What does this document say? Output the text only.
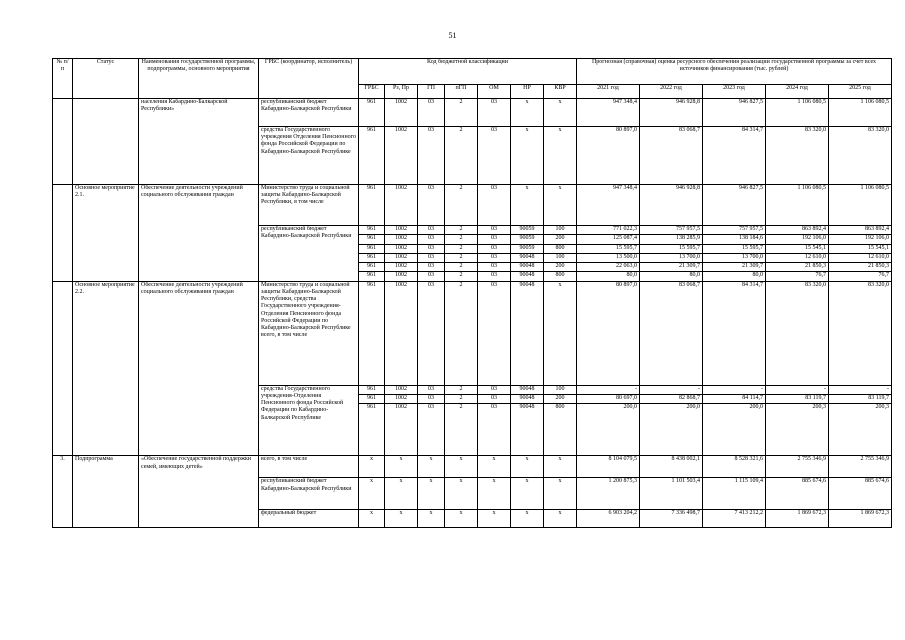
51
№ п/п	Статус	Наименования государственной программы, подпрограммы, основного мероприятия	ГРБС (координатор, исполнитель)	Код бюджетной классификации							Прогнозная (справочная) оценка ресурсного обеспечения реализации государственной программы за счет всех источников финансирования (тыс. рублей)				
				ГРБС	Рз, Пр	ГП	пГП	ОМ	НР	КВР	2021 год	2022 год	2023 год	2024 год	2025 год
		населения Кабардино-Балкарской Республики»	республиканский бюджет Кабардино-Балкарской Республики	961	1002	03	2	03	х	х	947 348,4	946 928,8	946 827,5	1 106 080,5	1 106 080,5
			средства Государственного учреждения Отделения Пенсионного фонда Российской Федерации по Кабардино-Балкарской Республике	961	1002	03	2	03	х	х	80 897,0	83 068,7	84 314,7	83 320,0	83 320,0
	Основное мероприятие 2.1.	Обеспечение деятельности учреждений социального обслуживания граждан	Министерство труда и социальной защиты Кабардино-Балкарской Республики, в том числе	961	1002	03	2	03	х	х	947 348,4	946 928,8	946 827,5	1 106 080,5	1 106 080,5
			республиканский бюджет Кабардино-Балкарской Республики	961	1002	03	2	03	90059	100	771 022,3	757 957,5	757 957,5	863 892,4	863 892,4
				961	1002	03	2	03	90059	200	125 087,4	138 285,9	138 184,6	192 106,0	192 106,0
				961	1002	03	2	03	90059	800	15 595,7	15 595,7	15 595,7	15 545,1	15 545,1
				961	1002	03	2	03	90048	100	13 500,0	13 700,0	13 700,0	12 610,0	12 610,0
				961	1002	03	2	03	90048	200	22 063,0	21 309,7	21 309,7	21 850,3	21 850,3
				961	1002	03	2	03	90048	800	80,0	80,0	80,0	76,7	76,7
	Основное мероприятие 2.2.	Обеспечение деятельности учреждений социального обслуживания граждан	Министерство труда и социальной защиты Кабардино-Балкарской Республики, средства Государственного учреждения-Отделения Пенсионного фонда Российской Федерации по Кабардино-Балкарской Республике всего, в том числе	961	1002	03	2	03	90048	х	80 897,0	83 068,7	84 314,7	83 320,0	83 320,0
			средства Государственного учреждения-Отделения Пенсионного фонда Российской Федерации по Кабардино-Балкарской Республике	961	1002	03	2	03	90048	100	-	-	-	-	-
				961	1002	03	2	03	90048	200	80 697,0	82 868,7	84 114,7	83 119,7	83 119,7
				961	1002	03	2	03	90048	800	200,0	200,0	200,0	200,3	200,3
3.	Подпрограмма	«Обеспечение государственной поддержки семей, имеющих детей»	всего, в том числе	х	х	х	х	х	х	х	8 104 079,5	8 438 002,1	8 528 321,6	2 755 346,9	2 755 346,9
			республиканский бюджет Кабардино-Балкарской Республики	х	х	х	х	х	х	х	1 200 875,3	1 101 503,4	1 115 109,4	885 674,6	885 674,6
			федеральный бюджет	х	х	х	х	х	х	х	6 903 204,2	7 336 498,7	7 413 212,2	1 869 672,3	1 869 672,3
